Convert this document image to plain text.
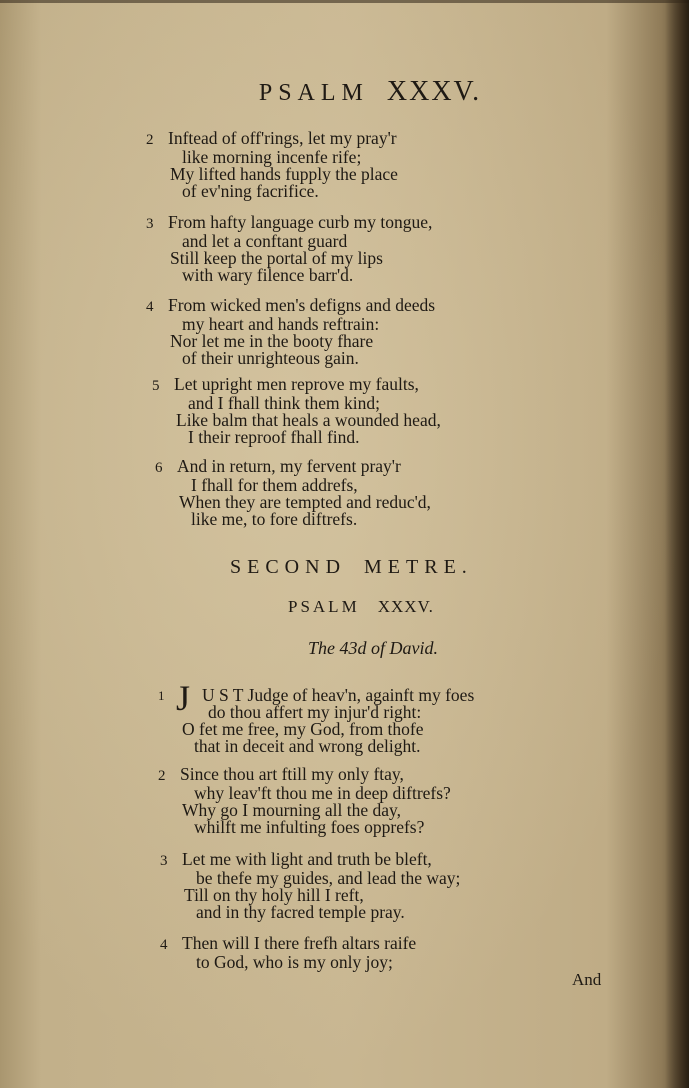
PSALM XXXV.
2 Inftead of off'rings, let my pray'r
like morning incenfe rife;
My lifted hands fupply the place
of ev'ning facrifice.
3 From hafty language curb my tongue,
and let a conftant guard
Still keep the portal of my lips
with wary filence barr'd.
4 From wicked men's defigns and deeds
my heart and hands reftrain:
Nor let me in the booty fhare
of their unrighteous gain.
5 Let upright men reprove my faults,
and I fhall think them kind;
Like balm that heals a wounded head,
I their reproof fhall find.
6 And in return, my fervent pray'r
I fhall for them addrefs,
When they are tempted and reduc'd,
like me, to fore diftrefs.
SECOND METRE.
PSALM XXXV.
The 43d of David.
1	U S T Judge of heav'n, againft my foes
do thou affert my injur'd right:
O fet me free, my God, from thofe
that in deceit and wrong delight.
J
2 Since thou art ftill my only ftay,
why leav'ft thou me in deep diftrefs?
Why go I mourning all the day,
whilft me infulting foes opprefs?
3 Let me with light and truth be bleft,
be thefe my guides, and lead the way;
Till on thy holy hill I reft,
and in thy facred temple pray.
4 Then will I there frefh altars raife
to God, who is my only joy;
And
